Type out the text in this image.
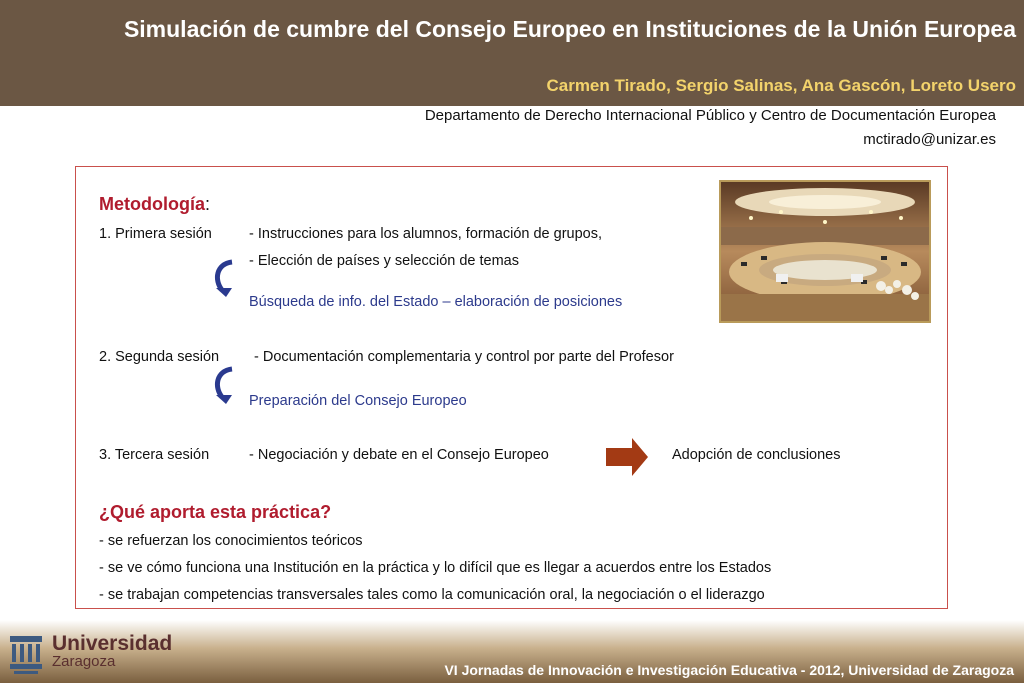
Simulación de cumbre del Consejo Europeo en Instituciones de la Unión Europea
Carmen Tirado, Sergio Salinas, Ana Gascón, Loreto Usero
Departamento de Derecho Internacional Público y Centro de Documentación Europea
mctirado@unizar.es
Metodología:
1. Primera sesión	- Instrucciones para los alumnos, formación de grupos,
- Elección de países y selección de temas
Búsqueda de info. del Estado – elaboración de posiciones
2. Segunda sesión - Documentación complementaria y control por parte del Profesor
Preparación del Consejo Europeo
3. Tercera sesión	- Negociación y debate en el Consejo Europeo	Adopción de conclusiones
¿Qué aporta esta práctica?
- se refuerzan los conocimientos teóricos
- se ve cómo funciona una Institución en la práctica y lo difícil que es llegar a acuerdos entre los Estados
- se trabajan competencias transversales tales como la comunicación oral, la negociación o el liderazgo
Universidad
Zaragoza	VI Jornadas de Innovación e Investigación Educativa - 2012, Universidad de Zaragoza
